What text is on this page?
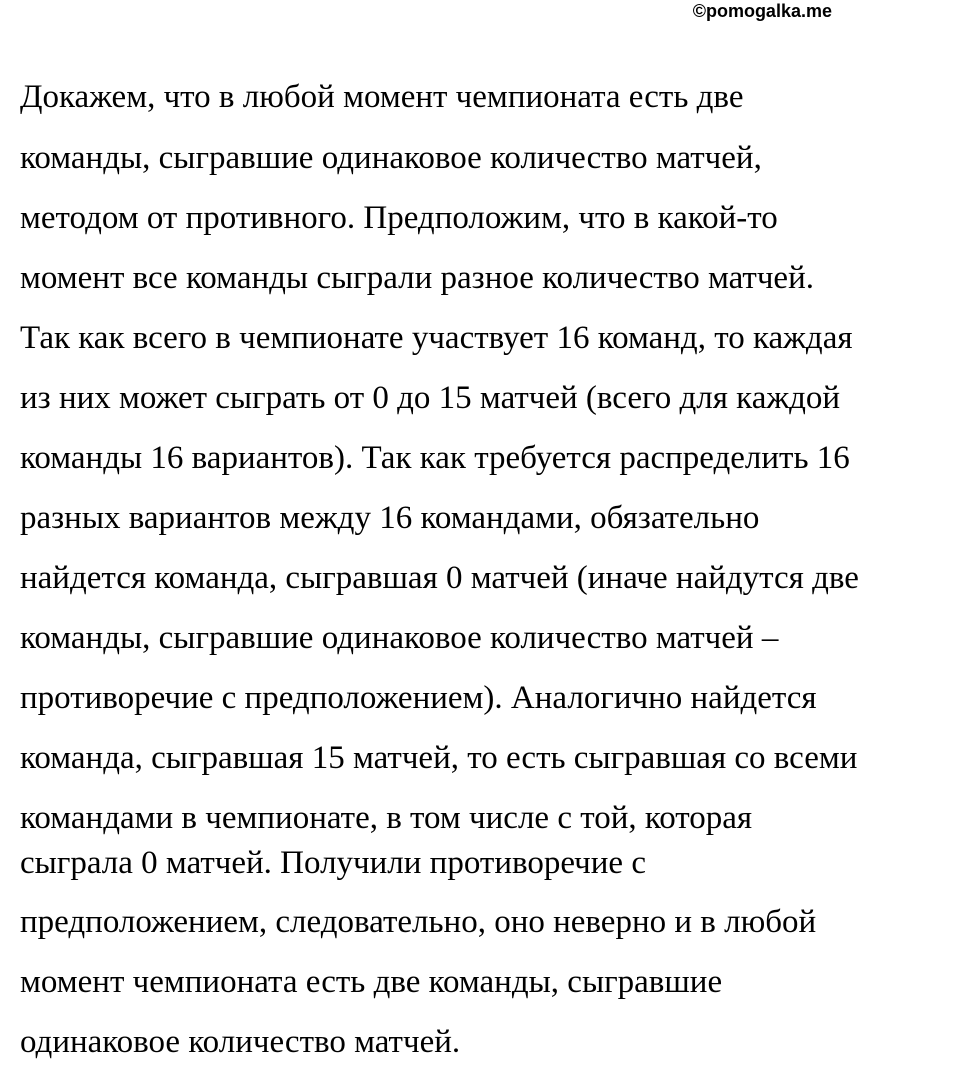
©pomogalka.me
Докажем, что в любой момент чемпионата есть две
команды, сыгравшие одинаковое количество матчей,
методом от противного. Предположим, что в какой-то
момент все команды сыграли разное количество матчей.
Так как всего в чемпионате участвует 16 команд, то каждая
из них может сыграть от 0 до 15 матчей (всего для каждой
команды 16 вариантов). Так как требуется распределить 16
разных вариантов между 16 командами, обязательно
найдется команда, сыгравшая 0 матчей (иначе найдутся две
команды, сыгравшие одинаковое количество матчей –
противоречие с предположением). Аналогично найдется
команда, сыгравшая 15 матчей, то есть сыгравшая со всеми
командами в чемпионате, в том числе с той, которая
сыграла 0 матчей. Получили противоречие с
предположением, следовательно, оно неверно и в любой
момент чемпионата есть две команды, сыгравшие
одинаковое количество матчей.
